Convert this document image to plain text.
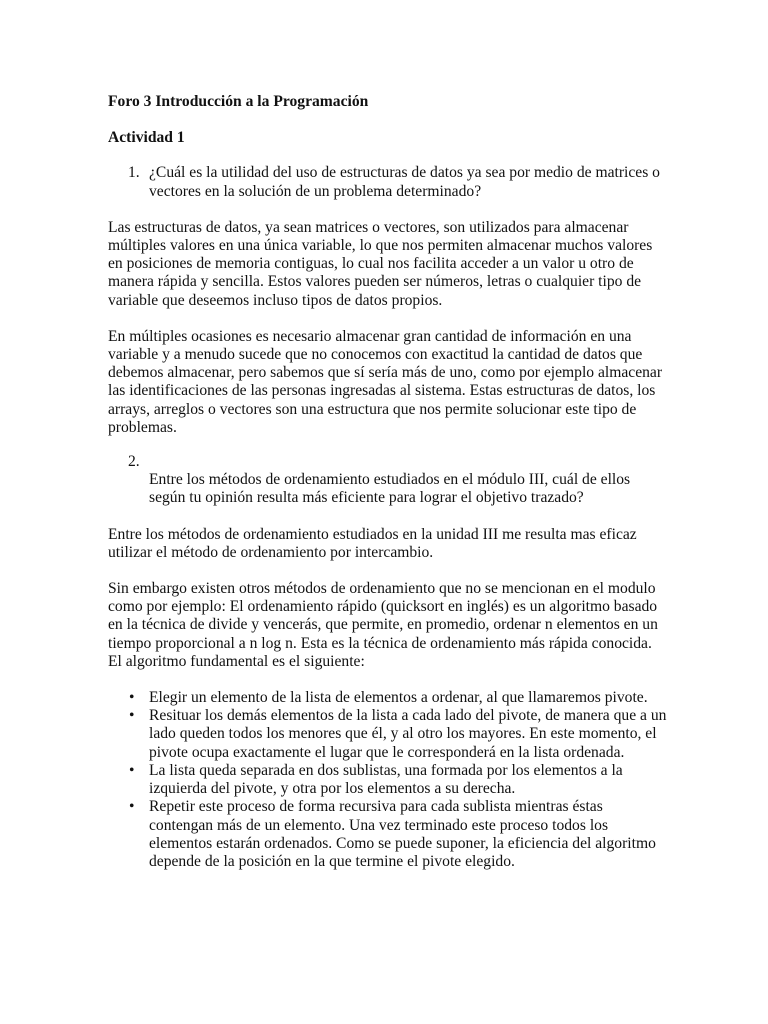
Foro 3 Introducción a la Programación

Actividad 1

1. ¿Cuál es la utilidad del uso de estructuras de datos ya sea por medio de matrices o vectores en la solución de un problema determinado?

Las estructuras de datos, ya sean matrices o vectores, son utilizados para almacenar múltiples valores en una única variable, lo que nos permiten almacenar muchos valores en posiciones de memoria contiguas, lo cual nos facilita acceder a un valor u otro de manera rápida y sencilla. Estos valores pueden ser números, letras o cualquier tipo de variable que deseemos incluso tipos de datos propios.

En múltiples ocasiones es necesario almacenar gran cantidad de información en una variable y a menudo sucede que no conocemos con exactitud la cantidad de datos que debemos almacenar, pero sabemos que sí sería más de uno, como por ejemplo almacenar las identificaciones de las personas ingresadas al sistema. Estas estructuras de datos, los arrays, arreglos o vectores son una estructura que nos permite solucionar este tipo de problemas.

2.
Entre los métodos de ordenamiento estudiados en el módulo III, cuál de ellos según tu opinión resulta más eficiente para lograr el objetivo trazado?

Entre los métodos de ordenamiento estudiados en la unidad III me resulta mas eficaz utilizar el método de ordenamiento por intercambio.

Sin embargo existen otros métodos de ordenamiento que no se mencionan en el modulo como por ejemplo: El ordenamiento rápido (quicksort en inglés) es un algoritmo basado en la técnica de divide y vencerás, que permite, en promedio, ordenar n elementos en un tiempo proporcional a n log n. Esta es la técnica de ordenamiento más rápida conocida. El algoritmo fundamental es el siguiente:

• Elegir un elemento de la lista de elementos a ordenar, al que llamaremos pivote.
• Resituar los demás elementos de la lista a cada lado del pivote, de manera que a un lado queden todos los menores que él, y al otro los mayores. En este momento, el pivote ocupa exactamente el lugar que le corresponderá en la lista ordenada.
• La lista queda separada en dos sublistas, una formada por los elementos a la izquierda del pivote, y otra por los elementos a su derecha.
• Repetir este proceso de forma recursiva para cada sublista mientras éstas contengan más de un elemento. Una vez terminado este proceso todos los elementos estarán ordenados. Como se puede suponer, la eficiencia del algoritmo depende de la posición en la que termine el pivote elegido.
